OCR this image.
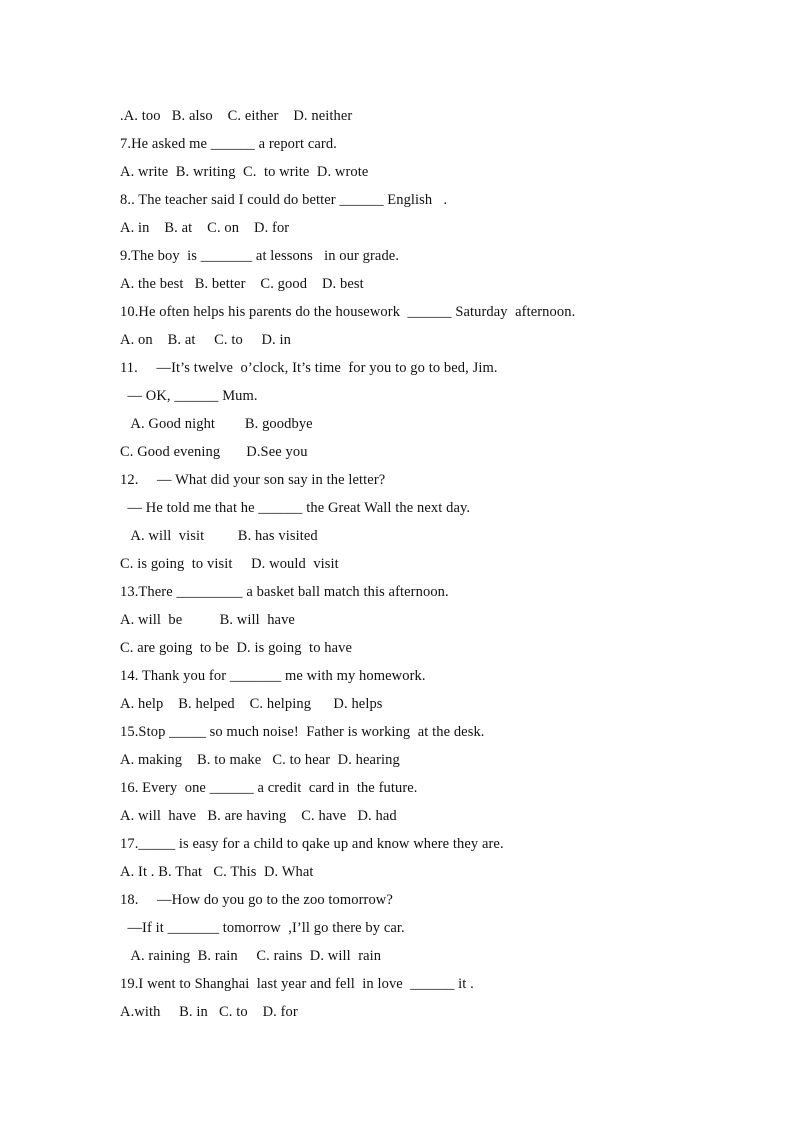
.A. too   B. also    C. either    D. neither
7.He asked me ______ a report card.
A. write  B. writing  C.  to write  D. wrote
8.. The teacher said I could do better ______ English   .
A. in    B. at    C. on    D. for
9.The boy  is _______ at lessons   in our grade.
A. the best   B. better    C. good    D. best
10.He often helps his parents do the housework  ______ Saturday  afternoon.
A. on    B. at     C. to     D. in
11.     —It’s twelve  o’clock, It’s time  for you to go to bed, Jim.
— OK, ______ Mum.
A. Good night        B. goodbye
C. Good evening       D.See you
12.     — What did your son say in the letter?
— He told me that he ______ the Great Wall the next day.
A. will  visit         B. has visited
C. is going  to visit     D. would  visit
13.There _________ a basket ball match this afternoon.
A. will  be          B. will  have
C. are going  to be  D. is going  to have
14. Thank you for _______ me with my homework.
A. help    B. helped    C. helping      D. helps
15.Stop _____ so much noise!  Father is working  at the desk.
A. making    B. to make   C. to hear  D. hearing
16. Every  one ______ a credit  card in  the future.
A. will  have   B. are having    C. have   D. had
17._____ is easy for a child to qake up and know where they are.
A. It . B. That   C. This  D. What
18.     —How do you go to the zoo tomorrow?
—If it _______ tomorrow  ,I’ll go there by car.
A. raining  B. rain     C. rains  D. will  rain
19.I went to Shanghai  last year and fell  in love  ______ it .
A.with     B. in   C. to    D. for
